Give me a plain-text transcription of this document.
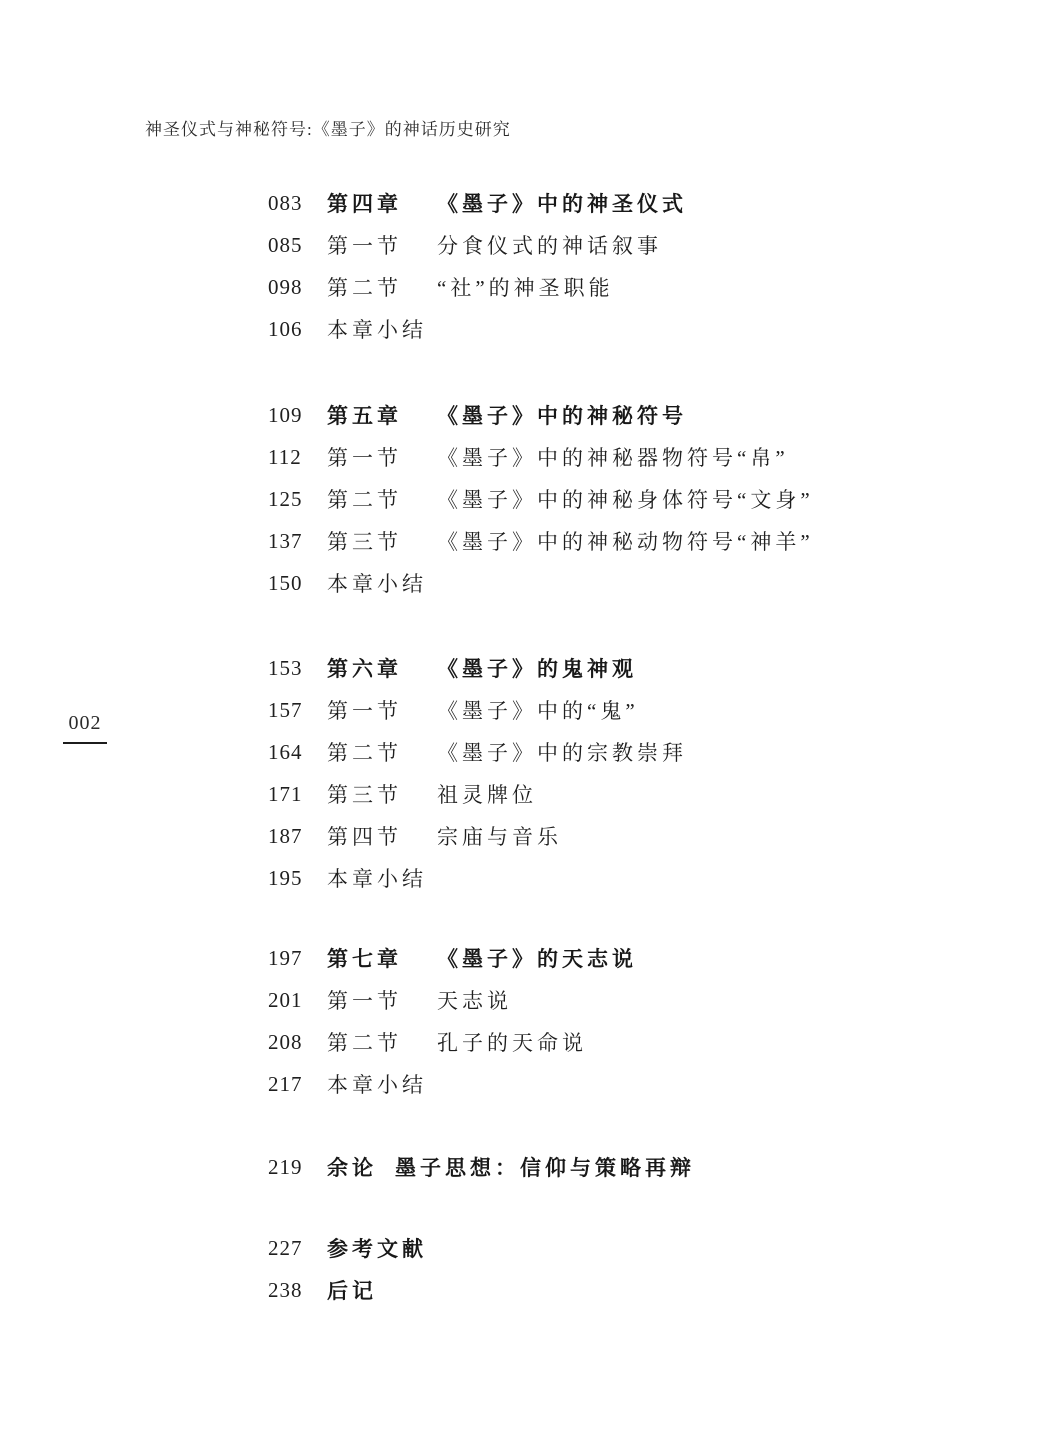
神圣仪式与神秘符号:《墨子》的神话历史研究
002
083	第四章	《墨子》中的神圣仪式
085	第一节	分食仪式的神话叙事
098	第二节	“社”的神圣职能
106	本章小结
109	第五章	《墨子》中的神秘符号
112	第一节	《墨子》中的神秘器物符号“帛”
125	第二节	《墨子》中的神秘身体符号“文身”
137	第三节	《墨子》中的神秘动物符号“神羊”
150	本章小结
153	第六章	《墨子》的鬼神观
157	第一节	《墨子》中的“鬼”
164	第二节	《墨子》中的宗教崇拜
171	第三节	祖灵牌位
187	第四节	宗庙与音乐
195	本章小结
197	第七章	《墨子》的天志说
201	第一节	天志说
208	第二节	孔子的天命说
217	本章小结
219	余论 墨子思想：信仰与策略再辩
227	参考文献
238	后记
